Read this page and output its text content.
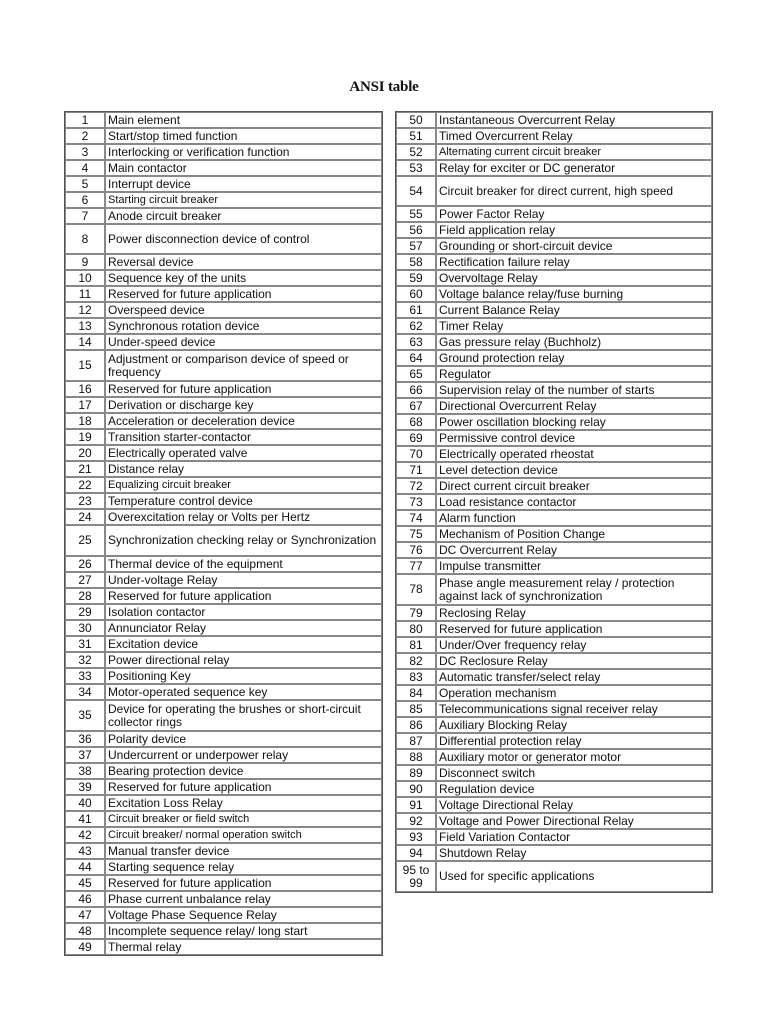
ANSI table
1	Main element
2	Start/stop timed function
3	Interlocking or verification function
4	Main contactor
5	Interrupt device
6	Starting circuit breaker
7	Anode circuit breaker
8	Power disconnection device of control
9	Reversal device
10	Sequence key of the units
11	Reserved for future application
12	Overspeed device
13	Synchronous rotation device
14	Under-speed device
15	Adjustment or comparison device of speed or frequency
16	Reserved for future application
17	Derivation or discharge key
18	Acceleration or deceleration device
19	Transition starter-contactor
20	Electrically operated valve
21	Distance relay
22	Equalizing circuit breaker
23	Temperature control device
24	Overexcitation relay or Volts per Hertz
25	Synchronization checking relay or Synchronization
26	Thermal device of the equipment
27	Under-voltage Relay
28	Reserved for future application
29	Isolation contactor
30	Annunciator Relay
31	Excitation device
32	Power directional relay
33	Positioning Key
34	Motor-operated sequence key
35	Device for operating the brushes or short-circuit collector rings
36	Polarity device
37	Undercurrent or underpower relay
38	Bearing protection device
39	Reserved for future application
40	Excitation Loss Relay
41	Circuit breaker or field switch
42	Circuit breaker/ normal operation switch
43	Manual transfer device
44	Starting sequence relay
45	Reserved for future application
46	Phase current unbalance relay
47	Voltage Phase Sequence Relay
48	Incomplete sequence relay/ long start
49	Thermal relay
50	Instantaneous Overcurrent Relay
51	Timed Overcurrent Relay
52	Alternating current circuit breaker
53	Relay for exciter or DC generator
54	Circuit breaker for direct current, high speed
55	Power Factor Relay
56	Field application relay
57	Grounding or short-circuit device
58	Rectification failure relay
59	Overvoltage Relay
60	Voltage balance relay/fuse burning
61	Current Balance Relay
62	Timer Relay
63	Gas pressure relay (Buchholz)
64	Ground protection relay
65	Regulator
66	Supervision relay of the number of starts
67	Directional Overcurrent Relay
68	Power oscillation blocking relay
69	Permissive control device
70	Electrically operated rheostat
71	Level detection device
72	Direct current circuit breaker
73	Load resistance contactor
74	Alarm function
75	Mechanism of Position Change
76	DC Overcurrent Relay
77	Impulse transmitter
78	Phase angle measurement relay / protection against lack of synchronization
79	Reclosing Relay
80	Reserved for future application
81	Under/Over frequency relay
82	DC Reclosure Relay
83	Automatic transfer/select relay
84	Operation mechanism
85	Telecommunications signal receiver relay
86	Auxiliary Blocking Relay
87	Differential protection relay
88	Auxiliary motor or generator motor
89	Disconnect switch
90	Regulation device
91	Voltage Directional Relay
92	Voltage and Power Directional Relay
93	Field Variation Contactor
94	Shutdown Relay
95 to 99	Used for specific applications
